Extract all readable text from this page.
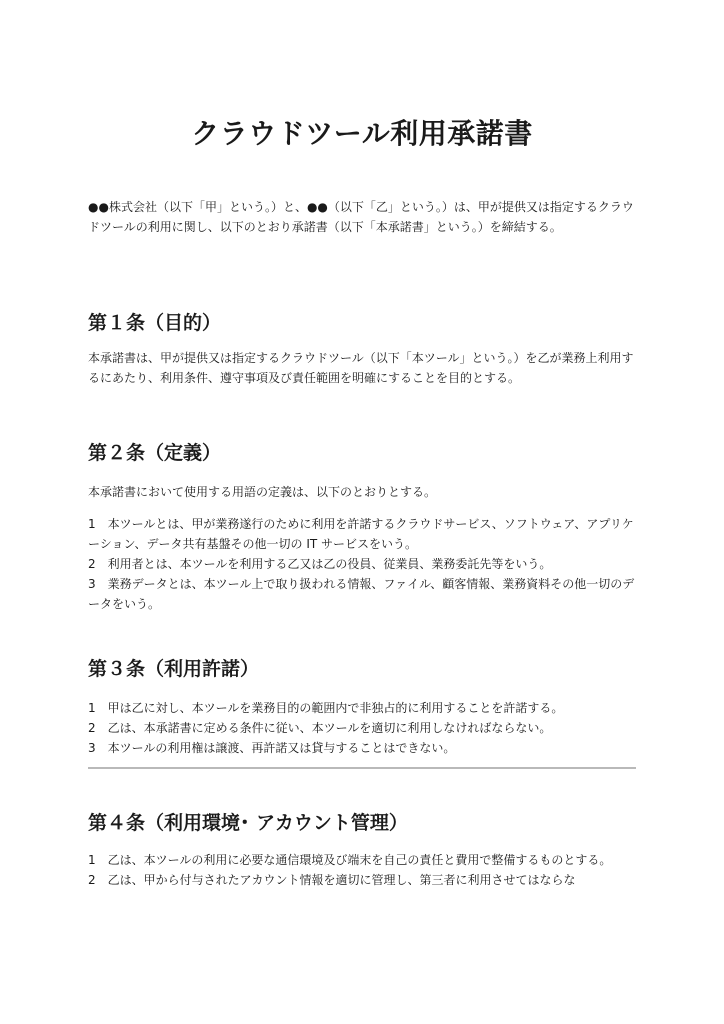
クラウドツール利用承諾書
●●株式会社（以下「甲」という。）と、●●（以下「乙」という。）は、甲が提供又は指定するクラウドツールの利用に関し、以下のとおり承諾書（以下「本承諾書」という。）を締結する。
第１条（目的）
本承諾書は、甲が提供又は指定するクラウドツール（以下「本ツール」という。）を乙が業務上利用するにあたり、利用条件、遵守事項及び責任範囲を明確にすることを目的とする。
第２条（定義）
本承諾書において使用する用語の定義は、以下のとおりとする。
1　本ツールとは、甲が業務遂行のために利用を許諾するクラウドサービス、ソフトウェア、アプリケーション、データ共有基盤その他一切の IT サービスをいう。
2　利用者とは、本ツールを利用する乙又は乙の役員、従業員、業務委託先等をいう。
3　業務データとは、本ツール上で取り扱われる情報、ファイル、顧客情報、業務資料その他一切のデータをいう。
第３条（利用許諾）
1　甲は乙に対し、本ツールを業務目的の範囲内で非独占的に利用することを許諾する。
2　乙は、本承諾書に定める条件に従い、本ツールを適切に利用しなければならない。
3　本ツールの利用権は譲渡、再許諾又は貸与することはできない。
第４条（利用環境･ アカウント管理）
1　乙は、本ツールの利用に必要な通信環境及び端末を自己の責任と費用で整備するものとする。
2　乙は、甲から付与されたアカウント情報を適切に管理し、第三者に利用させてはならな
